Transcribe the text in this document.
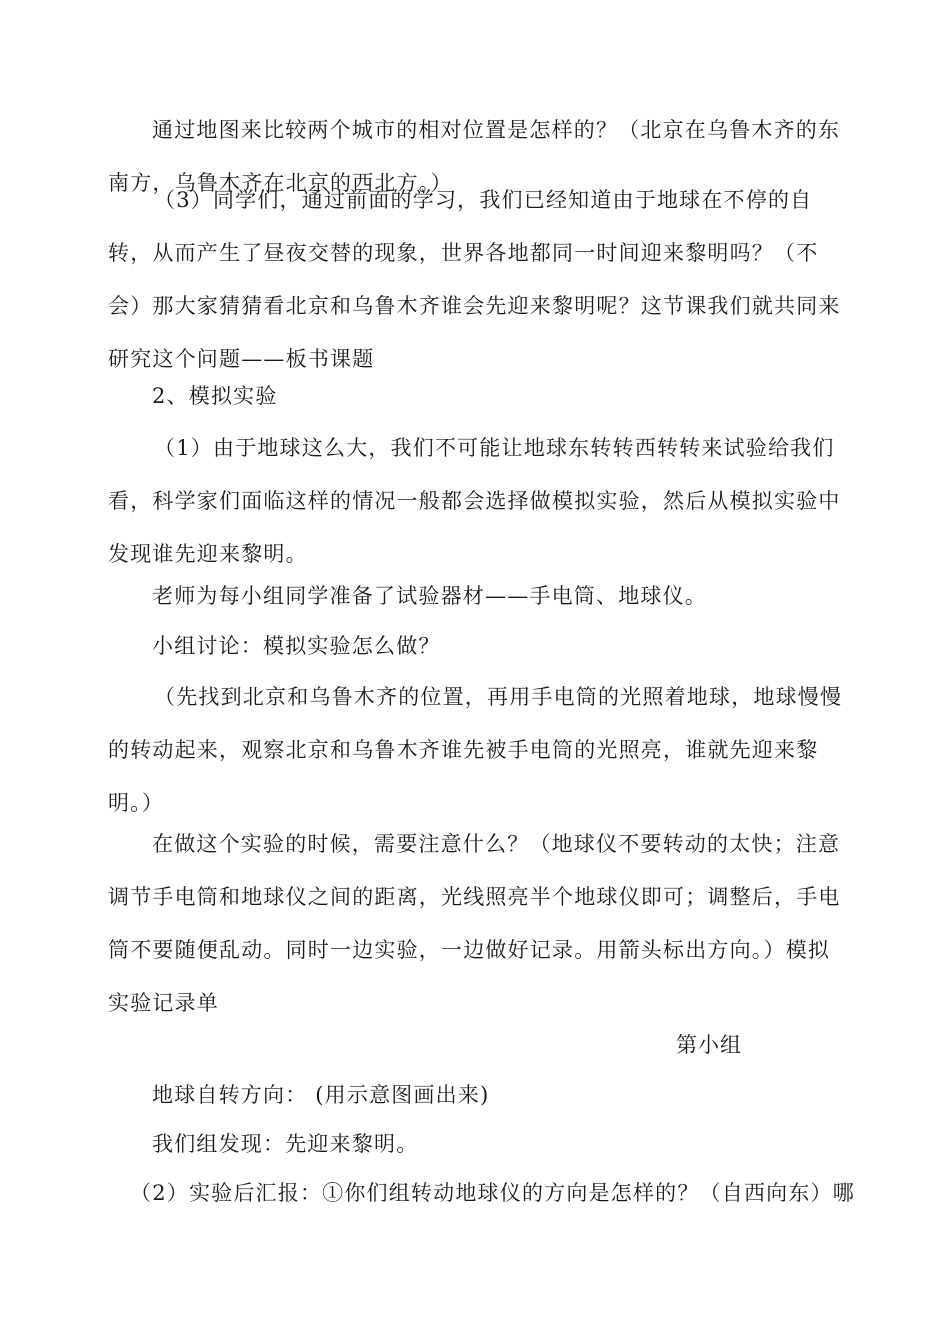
通过地图来比较两个城市的相对位置是怎样的？（北京在乌鲁木齐的东南方，乌鲁木齐在北京的西北方。）
（3）同学们，通过前面的学习，我们已经知道由于地球在不停的自转，从而产生了昼夜交替的现象，世界各地都同一时间迎来黎明吗？（不会）那大家猜猜看北京和乌鲁木齐谁会先迎来黎明呢？这节课我们就共同来研究这个问题——板书课题
2、模拟实验
（1）由于地球这么大，我们不可能让地球东转转西转转来试验给我们看，科学家们面临这样的情况一般都会选择做模拟实验，然后从模拟实验中发现谁先迎来黎明。
老师为每小组同学准备了试验器材——手电筒、地球仪。
小组讨论：模拟实验怎么做？
（先找到北京和乌鲁木齐的位置，再用手电筒的光照着地球，地球慢慢的转动起来，观察北京和乌鲁木齐谁先被手电筒的光照亮，谁就先迎来黎明。）
在做这个实验的时候，需要注意什么？（地球仪不要转动的太快；注意调节手电筒和地球仪之间的距离，光线照亮半个地球仪即可；调整后，手电筒不要随便乱动。同时一边实验，一边做好记录。用箭头标出方向。）模拟实验记录单
第小组
地球自转方向： (用示意图画出来)
我们组发现：先迎来黎明。
（2）实验后汇报：①你们组转动地球仪的方向是怎样的？（自西向东）哪
